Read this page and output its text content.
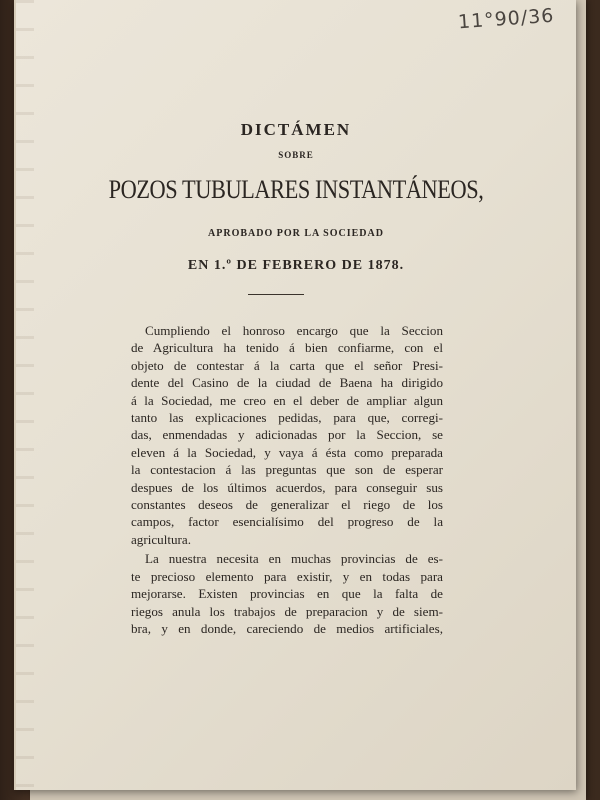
11°90/36
DICTÁMEN
SOBRE
POZOS TUBULARES INSTANTÁNEOS,
APROBADO POR LA SOCIEDAD
EN 1.º DE FEBRERO DE 1878.
Cumpliendo el honroso encargo que la Seccion
de Agricultura ha tenido á bien confiarme, con el
objeto de contestar á la carta que el señor Presi-
dente del Casino de la ciudad de Baena ha dirigido
á la Sociedad, me creo en el deber de ampliar algun
tanto las explicaciones pedidas, para que, corregi-
das, enmendadas y adicionadas por la Seccion, se
eleven á la Sociedad, y vaya á ésta como preparada
la contestacion á las preguntas que son de esperar
despues de los últimos acuerdos, para conseguir sus
constantes deseos de generalizar el riego de los
campos, factor esencialísimo del progreso de la
agricultura.
La nuestra necesita en muchas provincias de es-
te precioso elemento para existir, y en todas para
mejorarse. Existen provincias en que la falta de
riegos anula los trabajos de preparacion y de siem-
bra, y en donde, careciendo de medios artificiales,
